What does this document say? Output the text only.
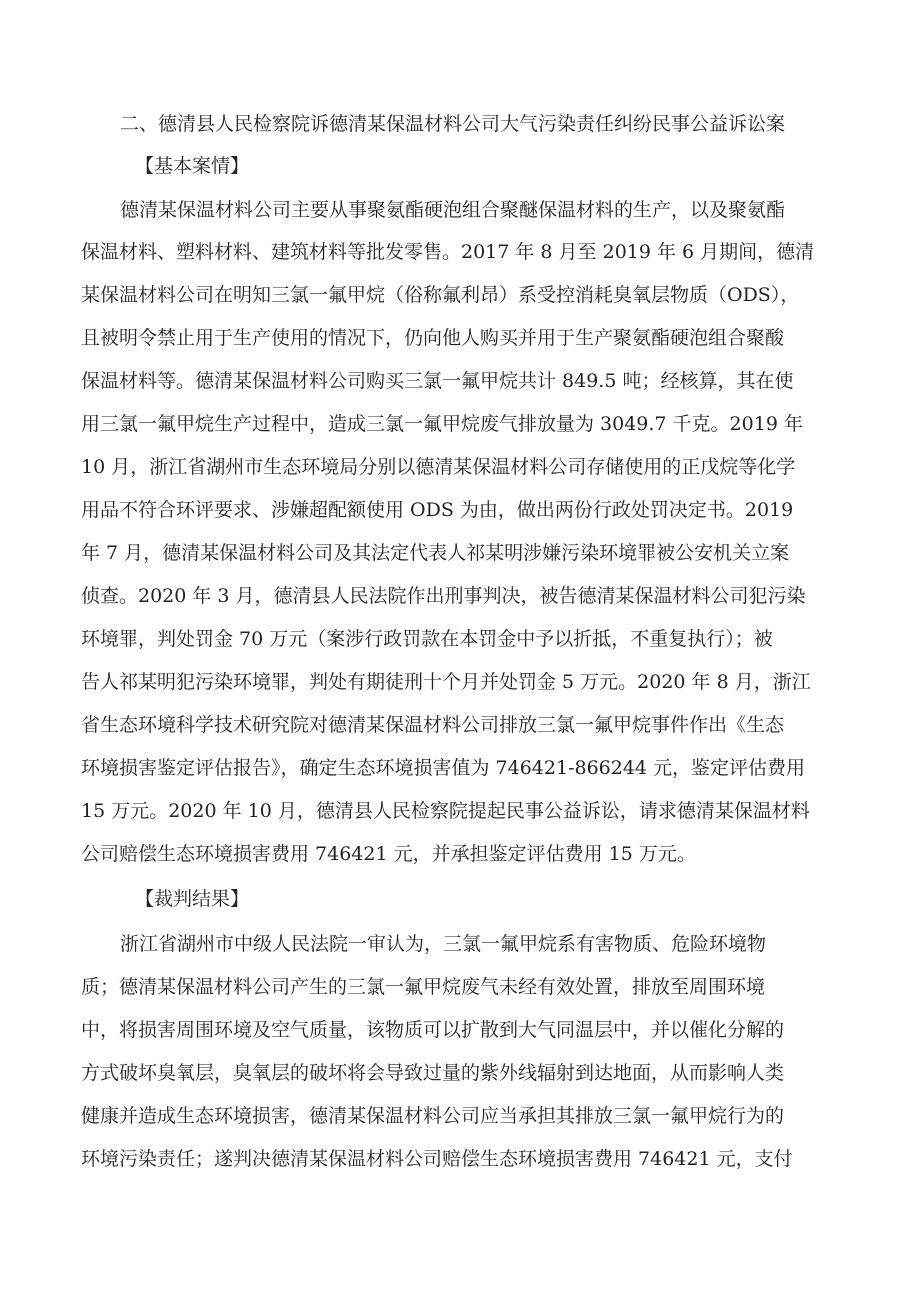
二、德清县人民检察院诉德清某保温材料公司大气污染责任纠纷民事公益诉讼案
【基本案情】
德清某保温材料公司主要从事聚氨酯硬泡组合聚醚保温材料的生产，以及聚氨酯
保温材料、塑料材料、建筑材料等批发零售。2017 年 8 月至 2019 年 6 月期间，德清
某保温材料公司在明知三氯一氟甲烷（俗称氟利昂）系受控消耗臭氧层物质（ODS），
且被明令禁止用于生产使用的情况下，仍向他人购买并用于生产聚氨酯硬泡组合聚酸
保温材料等。德清某保温材料公司购买三氯一氟甲烷共计 849.5 吨；经核算，其在使
用三氯一氟甲烷生产过程中，造成三氯一氟甲烷废气排放量为 3049.7 千克。2019 年
10 月，浙江省湖州市生态环境局分别以德清某保温材料公司存储使用的正戊烷等化学
用品不符合环评要求、涉嫌超配额使用 ODS 为由，做出两份行政处罚决定书。2019
年 7 月，德清某保温材料公司及其法定代表人祁某明涉嫌污染环境罪被公安机关立案
侦查。2020 年 3 月，德清县人民法院作出刑事判决，被告德清某保温材料公司犯污染
环境罪，判处罚金 70 万元（案涉行政罚款在本罚金中予以折抵，不重复执行）；被
告人祁某明犯污染环境罪，判处有期徒刑十个月并处罚金 5 万元。2020 年 8 月，浙江
省生态环境科学技术研究院对德清某保温材料公司排放三氯一氟甲烷事件作出《生态
环境损害鉴定评估报告》，确定生态环境损害值为 746421-866244 元，鉴定评估费用
15 万元。2020 年 10 月，德清县人民检察院提起民事公益诉讼，请求德清某保温材料
公司赔偿生态环境损害费用 746421 元，并承担鉴定评估费用 15 万元。
【裁判结果】
浙江省湖州市中级人民法院一审认为，三氯一氟甲烷系有害物质、危险环境物
质；德清某保温材料公司产生的三氯一氟甲烷废气未经有效处置，排放至周围环境
中，将损害周围环境及空气质量，该物质可以扩散到大气同温层中，并以催化分解的
方式破坏臭氧层，臭氧层的破坏将会导致过量的紫外线辐射到达地面，从而影响人类
健康并造成生态环境损害，德清某保温材料公司应当承担其排放三氯一氟甲烷行为的
环境污染责任；遂判决德清某保温材料公司赔偿生态环境损害费用 746421 元，支付
